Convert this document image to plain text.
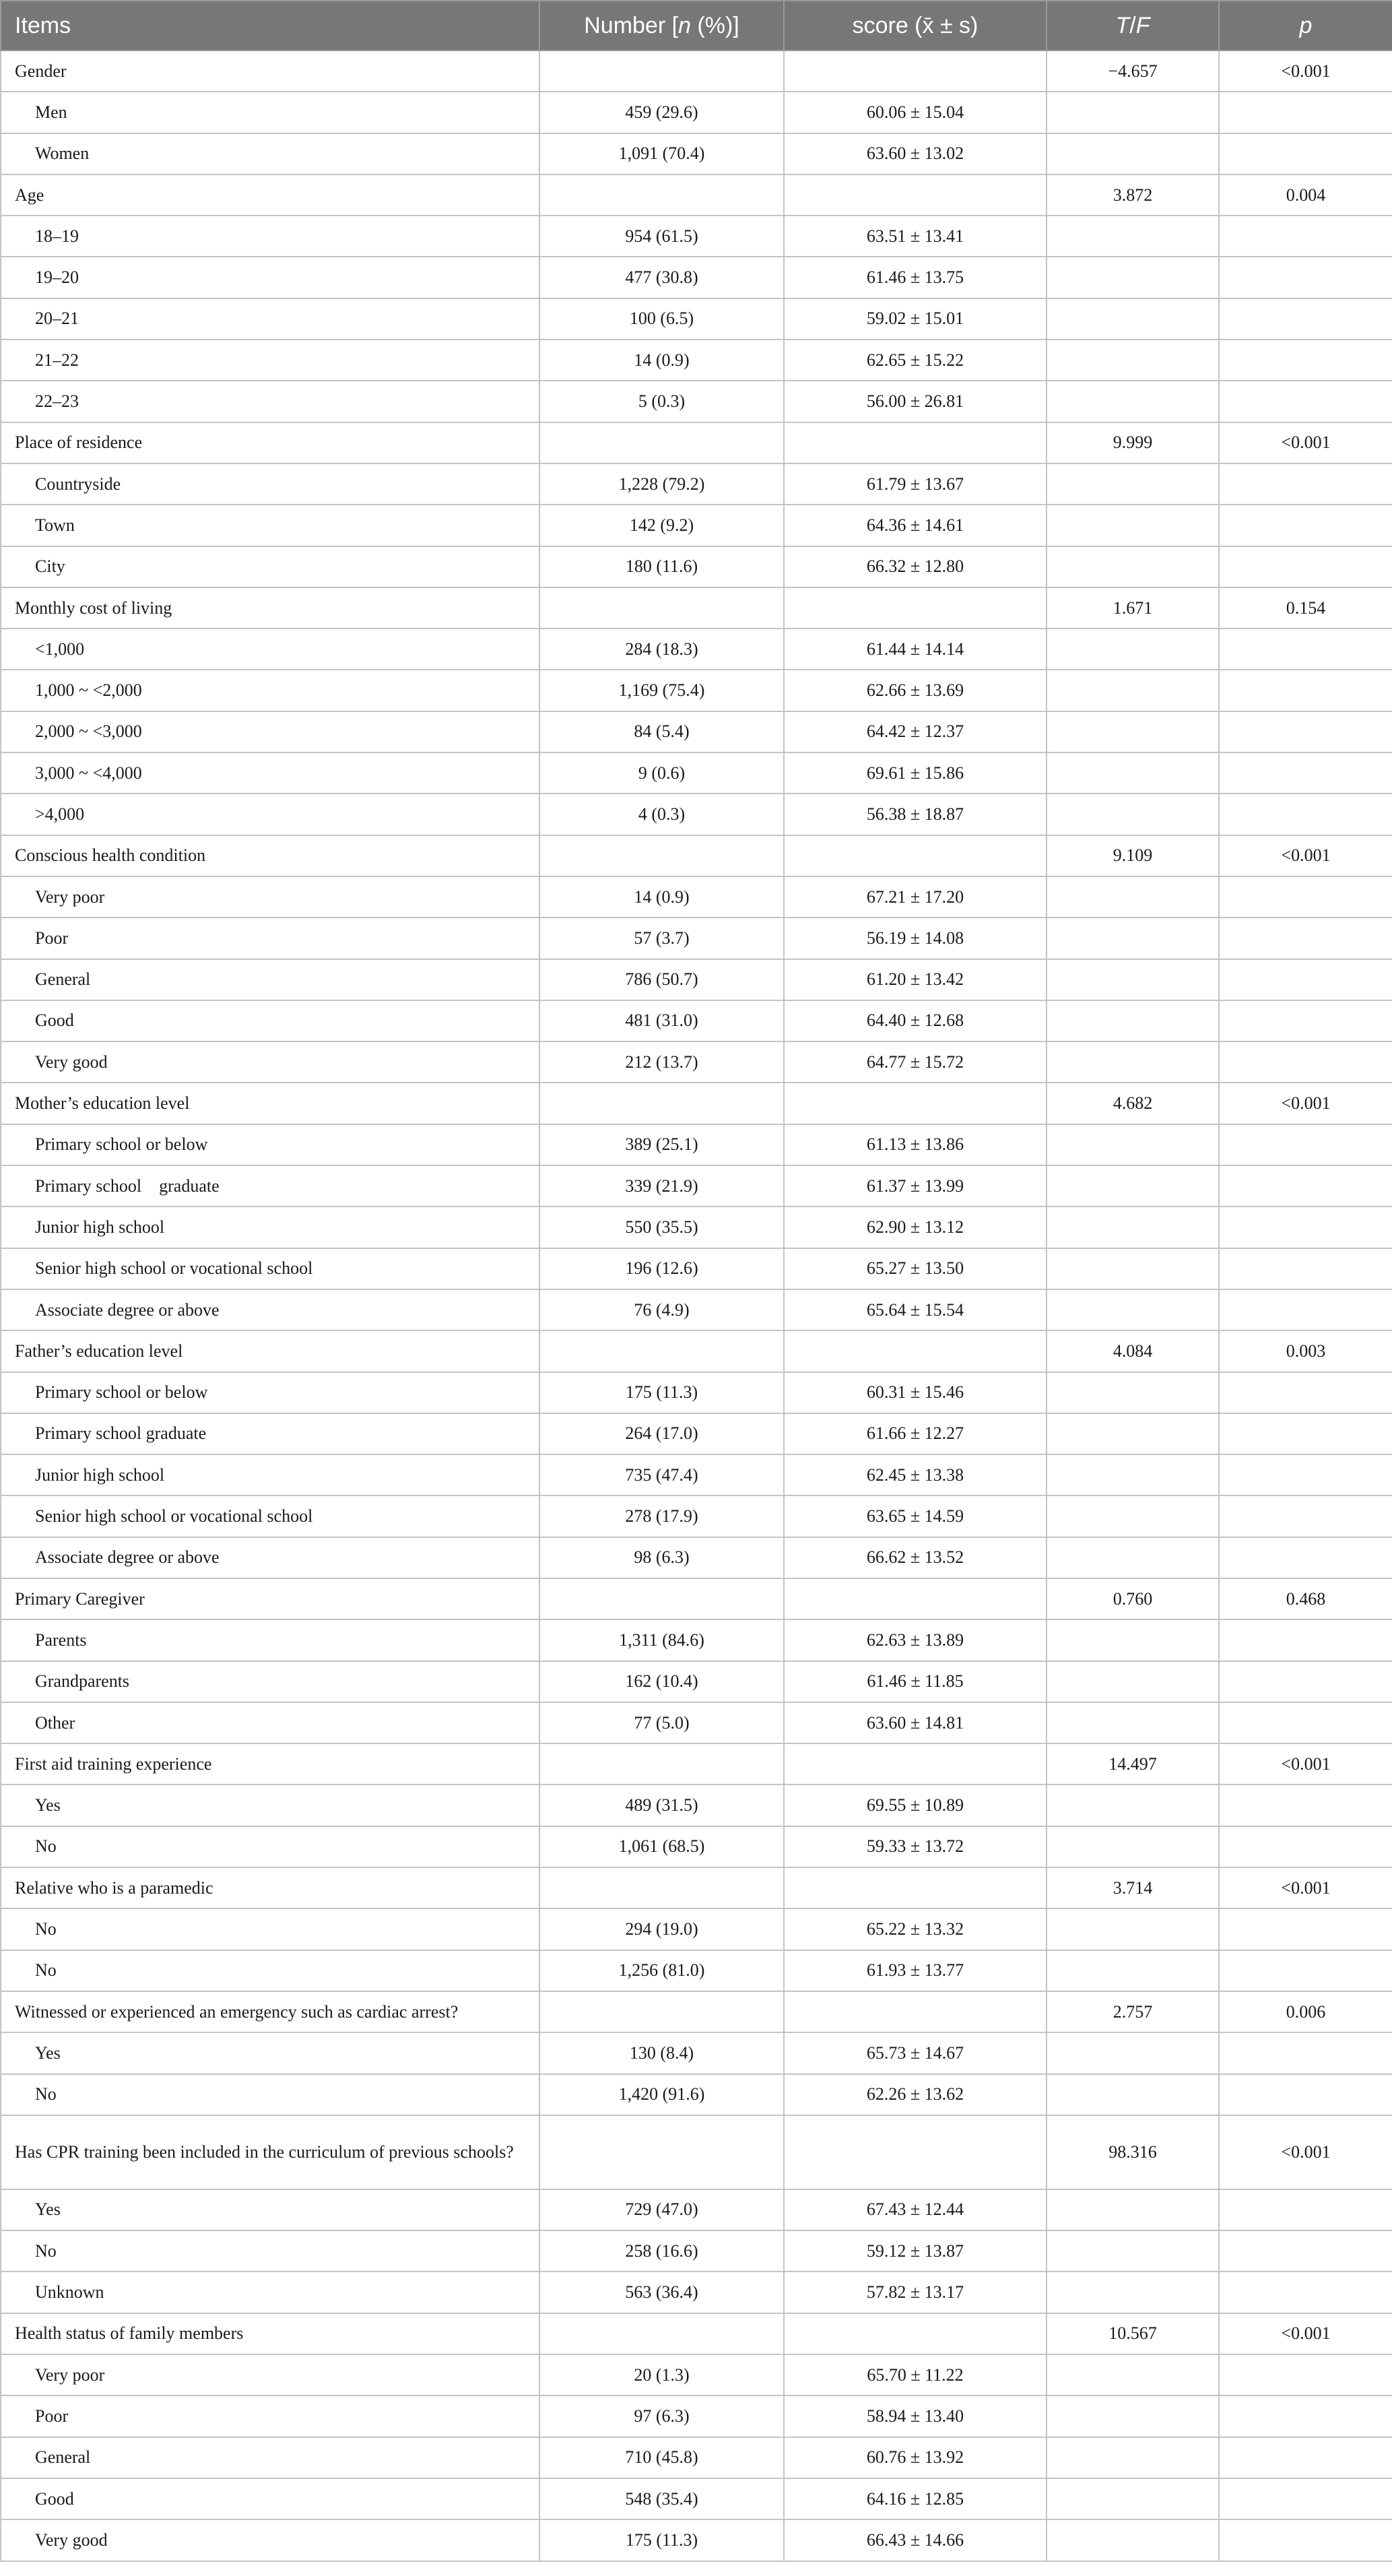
Items	Number [n (%)]	score (x̄ ± s)	T/F	p
Gender			−4.657	<0.001
Men	459 (29.6)	60.06 ± 15.04		
Women	1,091 (70.4)	63.60 ± 13.02		
Age			3.872	0.004
18–19	954 (61.5)	63.51 ± 13.41		
19–20	477 (30.8)	61.46 ± 13.75		
20–21	100 (6.5)	59.02 ± 15.01		
21–22	14 (0.9)	62.65 ± 15.22		
22–23	5 (0.3)	56.00 ± 26.81		
Place of residence			9.999	<0.001
Countryside	1,228 (79.2)	61.79 ± 13.67		
Town	142 (9.2)	64.36 ± 14.61		
City	180 (11.6)	66.32 ± 12.80		
Monthly cost of living			1.671	0.154
<1,000	284 (18.3)	61.44 ± 14.14		
1,000 ~ <2,000	1,169 (75.4)	62.66 ± 13.69		
2,000 ~ <3,000	84 (5.4)	64.42 ± 12.37		
3,000 ~ <4,000	9 (0.6)	69.61 ± 15.86		
>4,000	4 (0.3)	56.38 ± 18.87		
Conscious health condition			9.109	<0.001
Very poor	14 (0.9)	67.21 ± 17.20		
Poor	57 (3.7)	56.19 ± 14.08		
General	786 (50.7)	61.20 ± 13.42		
Good	481 (31.0)	64.40 ± 12.68		
Very good	212 (13.7)	64.77 ± 15.72		
Mother’s education level			4.682	<0.001
Primary school or below	389 (25.1)	61.13 ± 13.86		
Primary school    graduate	339 (21.9)	61.37 ± 13.99		
Junior high school	550 (35.5)	62.90 ± 13.12		
Senior high school or vocational school	196 (12.6)	65.27 ± 13.50		
Associate degree or above	76 (4.9)	65.64 ± 15.54		
Father’s education level			4.084	0.003
Primary school or below	175 (11.3)	60.31 ± 15.46		
Primary school graduate	264 (17.0)	61.66 ± 12.27		
Junior high school	735 (47.4)	62.45 ± 13.38		
Senior high school or vocational school	278 (17.9)	63.65 ± 14.59		
Associate degree or above	98 (6.3)	66.62 ± 13.52		
Primary Caregiver			0.760	0.468
Parents	1,311 (84.6)	62.63 ± 13.89		
Grandparents	162 (10.4)	61.46 ± 11.85		
Other	77 (5.0)	63.60 ± 14.81		
First aid training experience			14.497	<0.001
Yes	489 (31.5)	69.55 ± 10.89		
No	1,061 (68.5)	59.33 ± 13.72		
Relative who is a paramedic			3.714	<0.001
No	294 (19.0)	65.22 ± 13.32		
No	1,256 (81.0)	61.93 ± 13.77		
Witnessed or experienced an emergency such as cardiac arrest?			2.757	0.006
Yes	130 (8.4)	65.73 ± 14.67		
No	1,420 (91.6)	62.26 ± 13.62		
Has CPR training been included in the curriculum of previous schools?			98.316	<0.001
Yes	729 (47.0)	67.43 ± 12.44		
No	258 (16.6)	59.12 ± 13.87		
Unknown	563 (36.4)	57.82 ± 13.17		
Health status of family members			10.567	<0.001
Very poor	20 (1.3)	65.70 ± 11.22		
Poor	97 (6.3)	58.94 ± 13.40		
General	710 (45.8)	60.76 ± 13.92		
Good	548 (35.4)	64.16 ± 12.85		
Very good	175 (11.3)	66.43 ± 14.66		
